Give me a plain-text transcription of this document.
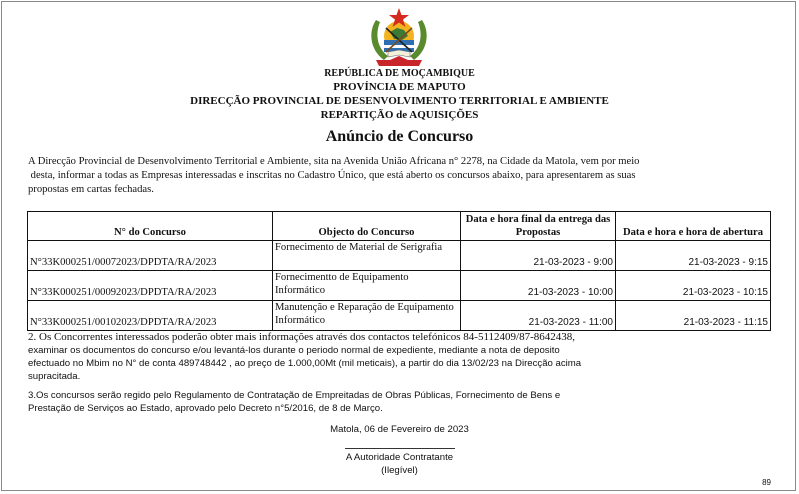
REPÚBLICA DE MOÇAMBIQUE
PROVÍNCIA DE MAPUTO
DIRECÇÃO PROVINCIAL DE DESENVOLVIMENTO TERRITORIAL E AMBIENTE
REPARTIÇÃO de AQUISIÇÕES
Anúncio de Concurso
A Direcção Provincial de Desenvolvimento Territorial e Ambiente, sita na Avenida União Africana n° 2278, na Cidade da Matola, vem por meio
desta, informar a todas as Empresas interessadas e inscritas no Cadastro Único, que está aberto os concursos abaixo, para apresentarem as suas
propostas em cartas fechadas.
N° do Concurso	Objecto do Concurso	Data e hora final da entrega das Propostas	Data e hora e hora de abertura
N°33K000251/00072023/DPDTA/RA/2023	Fornecimento de Material de Serigrafia	21-03-2023 - 9:00	21-03-2023 - 9:15
N°33K000251/00092023/DPDTA/RA/2023	Fornecimentto de Equipamento Informático	21-03-2023 - 10:00	21-03-2023 - 10:15
N°33K000251/00102023/DPDTA/RA/2023	Manutenção e Reparação de Equipamento Informático	21-03-2023 - 11:00	21-03-2023 - 11:15
2. Os Concorrentes interessados poderão obter mais informações através dos contactos telefónicos 84-5112409/87-8642438,
examinar os documentos do concurso e/ou levantá-los durante o periodo normal de expediente, mediante a nota de deposito
efectuado no Mbim no N° de conta 489748442 , ao preço de 1.000,00Mt (mil meticais), a partir do dia 13/02/23 na Direcção acima
supracitada.
3.Os concursos serão regido pelo Regulamento de Contratação de Empreitadas de Obras Públicas, Fornecimento de Bens e
Prestação de Serviços ao Estado, aprovado pelo Decreto n°5/2016, de 8 de Março.
Matola, 06 de Fevereiro de 2023
A Autoridade Contratante
(Ilegível)
89
